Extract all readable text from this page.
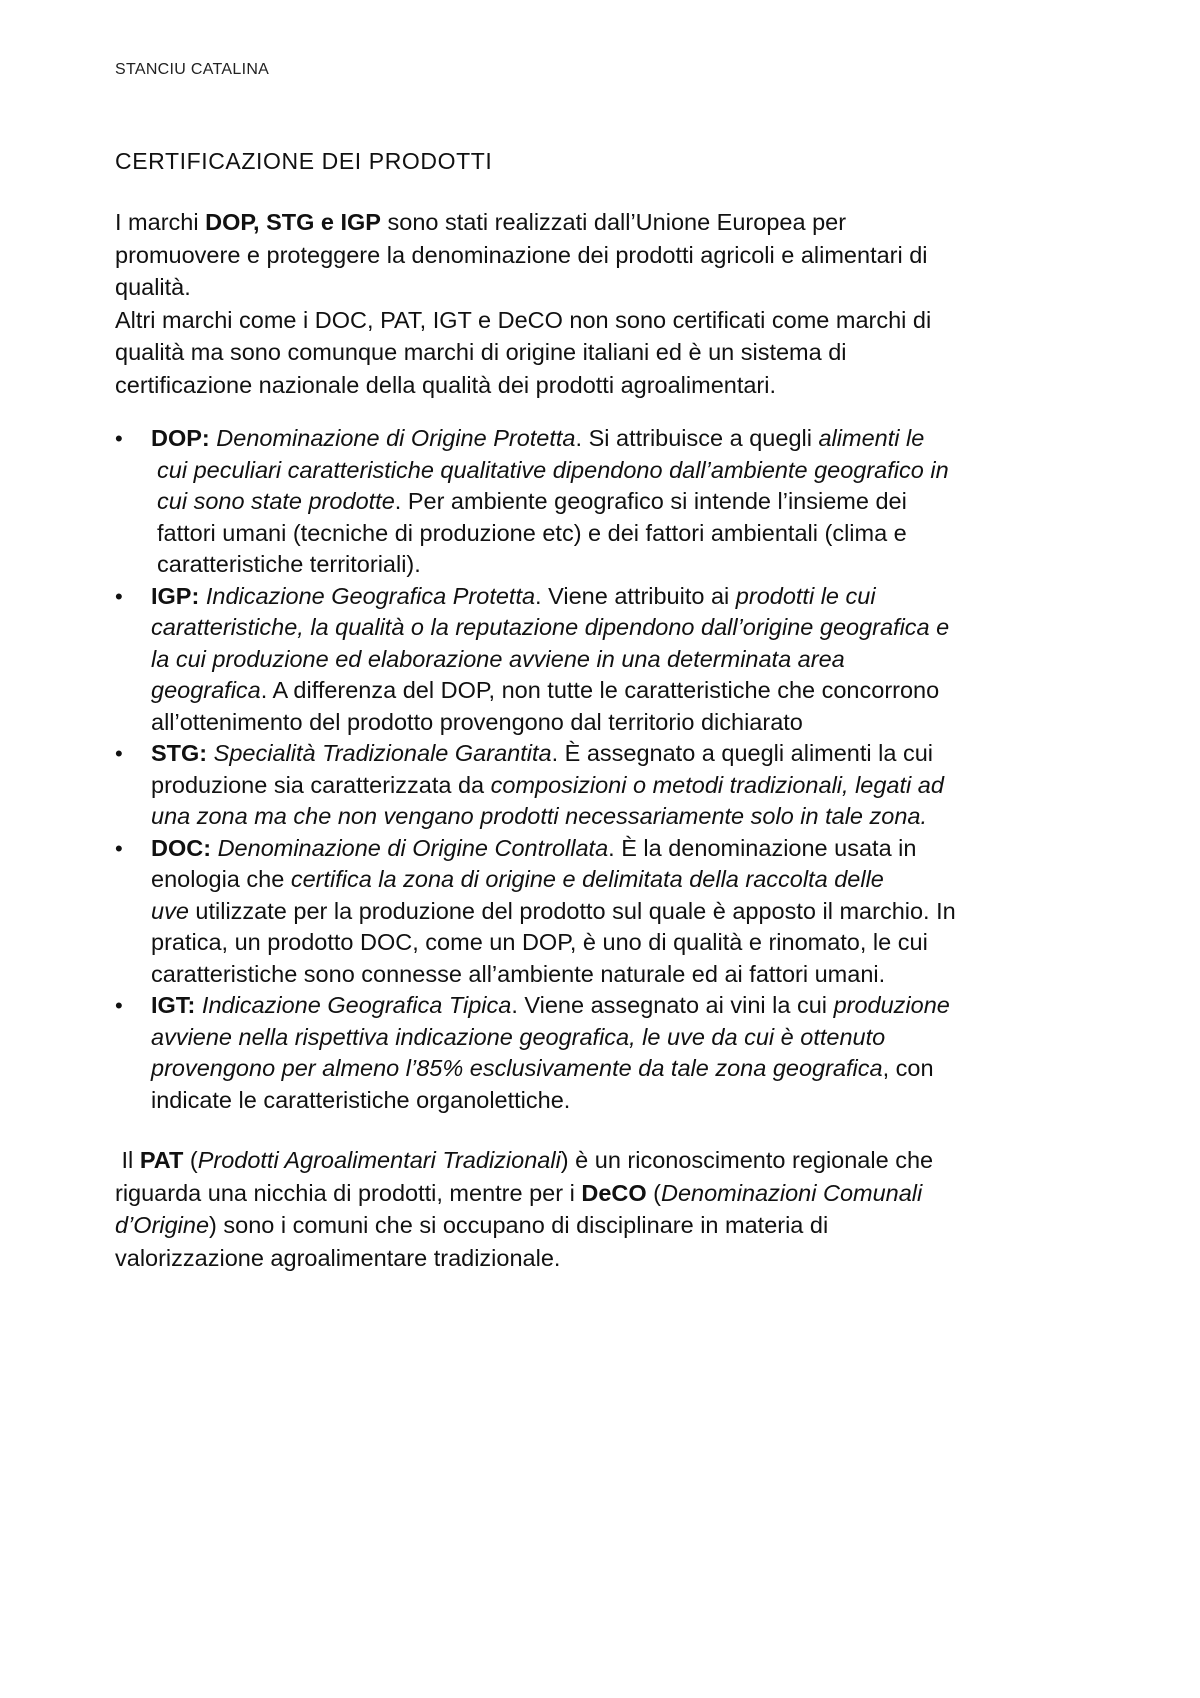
STANCIU CATALINA
CERTIFICAZIONE DEI PRODOTTI

I marchi DOP, STG e IGP sono stati realizzati dall’Unione Europea per
promuovere e proteggere la denominazione dei prodotti agricoli e alimentari di
qualità.

Altri marchi come i DOC, PAT, IGT e DeCO non sono certificati come marchi di
qualità ma sono comunque marchi di origine italiani ed è un sistema di
certificazione nazionale della qualità dei prodotti agroalimentari.

• DOP: Denominazione di Origine Protetta. Si attribuisce a quegli alimenti le
cui peculiari caratteristiche qualitative dipendono dall’ambiente geografico in
cui sono state prodotte. Per ambiente geografico si intende l’insieme dei
fattori umani (tecniche di produzione etc) e dei fattori ambientali (clima e
caratteristiche territoriali).
• IGP: Indicazione Geografica Protetta. Viene attribuito ai prodotti le cui
caratteristiche, la qualità o la reputazione dipendono dall’origine geografica e
la cui produzione ed elaborazione avviene in una determinata area
geografica. A differenza del DOP, non tutte le caratteristiche che concorrono
all’ottenimento del prodotto provengono dal territorio dichiarato
• STG: Specialità Tradizionale Garantita. È assegnato a quegli alimenti la cui
produzione sia caratterizzata da composizioni o metodi tradizionali, legati ad
una zona ma che non vengano prodotti necessariamente solo in tale zona.
• DOC: Denominazione di Origine Controllata. È la denominazione usata in
enologia che certifica la zona di origine e delimitata della raccolta delle
uve utilizzate per la produzione del prodotto sul quale è apposto il marchio. In
pratica, un prodotto DOC, come un DOP, è uno di qualità e rinomato, le cui
caratteristiche sono connesse all’ambiente naturale ed ai fattori umani.
• IGT: Indicazione Geografica Tipica. Viene assegnato ai vini la cui produzione
avviene nella rispettiva indicazione geografica, le uve da cui è ottenuto
provengono per almeno l’85% esclusivamente da tale zona geografica, con
indicate le caratteristiche organolettiche.

Il PAT (Prodotti Agroalimentari Tradizionali) è un riconoscimento regionale che
riguarda una nicchia di prodotti, mentre per i DeCO (Denominazioni Comunali
d’Origine) sono i comuni che si occupano di disciplinare in materia di
valorizzazione agroalimentare tradizionale.
